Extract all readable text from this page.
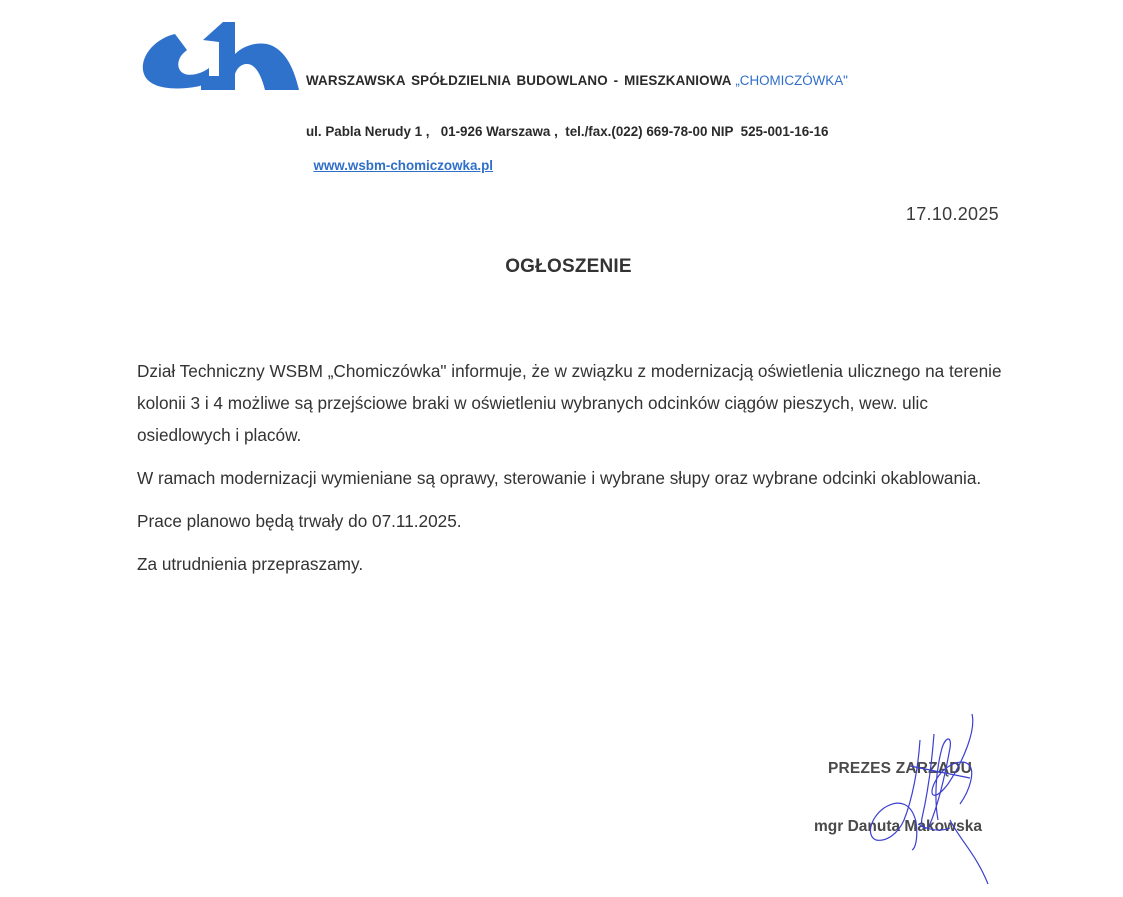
WARSZAWSKA SPÓŁDZIELNIA BUDOWLANO - MIESZKANIOWA „CHOMICZÓWKA"

ul. Pabla Nerudy 1 ,   01-926 Warszawa ,  tel./fax.(022) 669-78-00 NIP  525-001-16-16

www.wsbm-chomiczowka.pl

17.10.2025
OGŁOSZENIE

Dział Techniczny WSBM „Chomiczówka" informuje, że w związku z modernizacją oświetlenia ulicznego na terenie kolonii 3 i 4 możliwe są przejściowe braki w oświetleniu wybranych odcinków ciągów pieszych, wew. ulic osiedlowych i placów.

W ramach modernizacji wymieniane są oprawy, sterowanie i wybrane słupy oraz wybrane odcinki okablowania.

Prace planowo będą trwały do 07.11.2025.

Za utrudnienia przepraszamy.

PREZES ZARZĄDU
mgr Danuta Makowska
